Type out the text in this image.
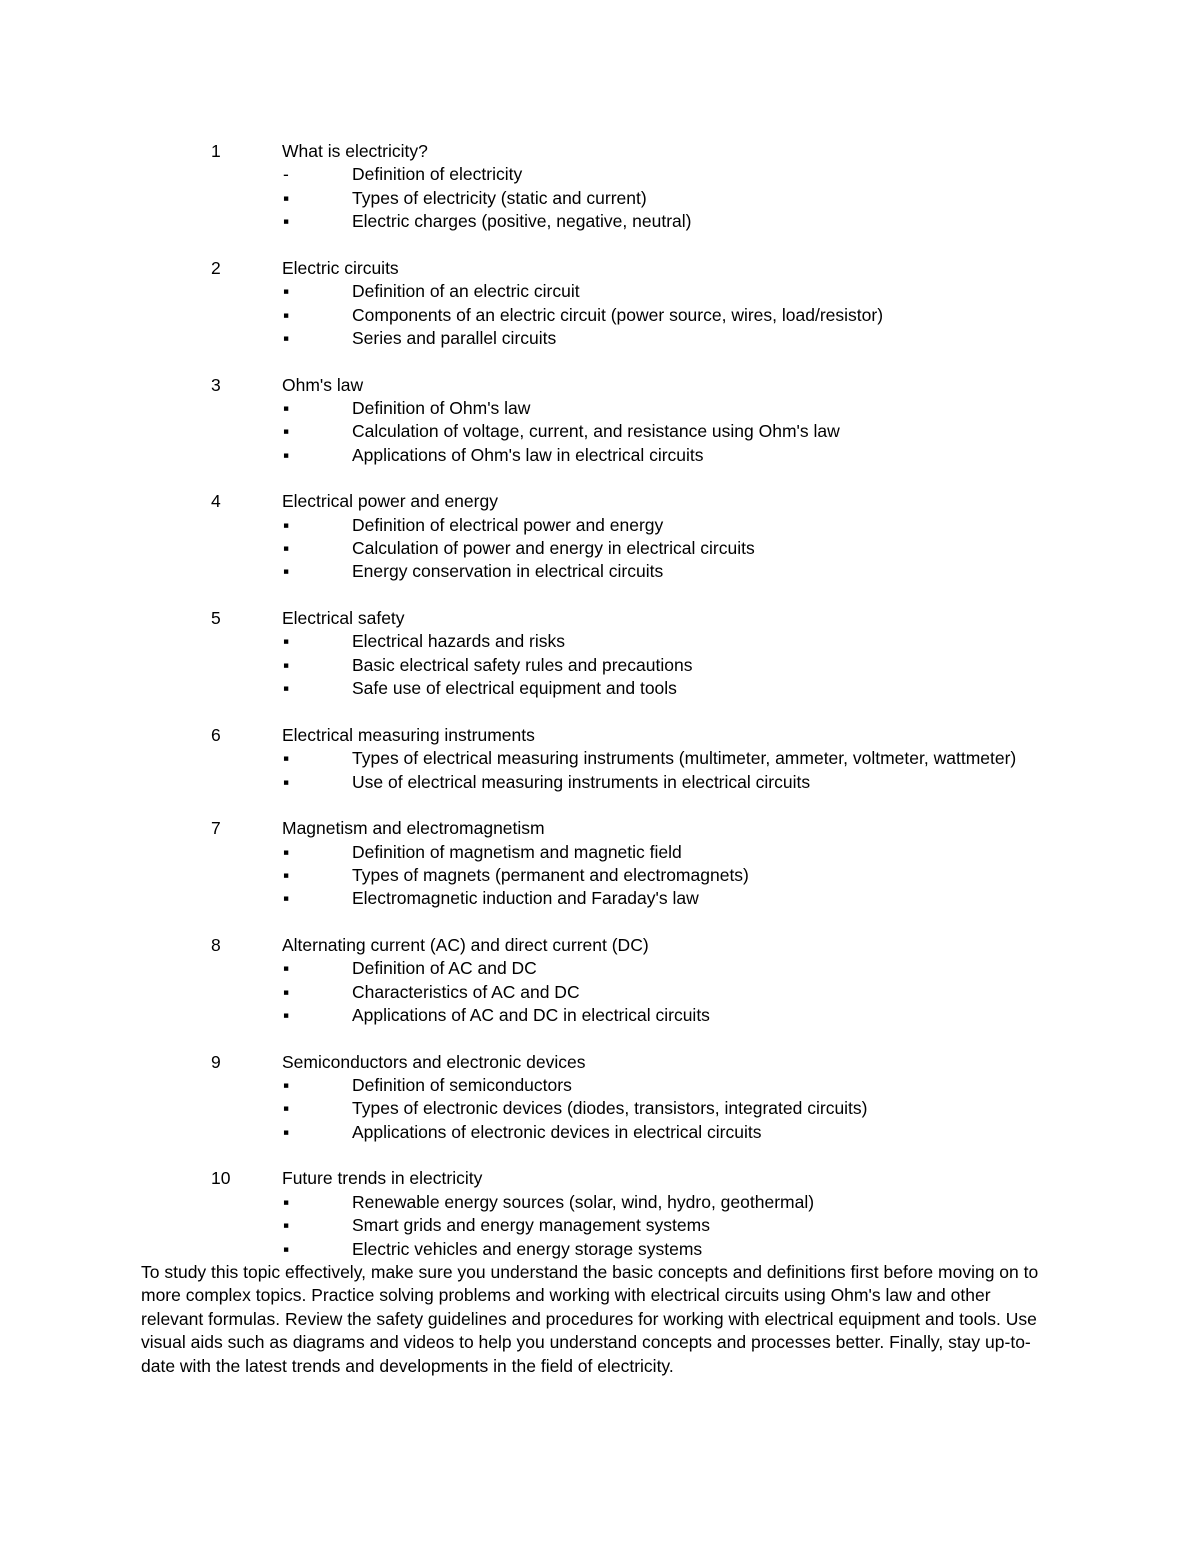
1	What is electricity?
-	Definition of electricity
▪	Types of electricity (static and current)
▪	Electric charges (positive, negative, neutral)
2	Electric circuits
▪	Definition of an electric circuit
▪	Components of an electric circuit (power source, wires, load/resistor)
▪	Series and parallel circuits
3	Ohm's law
▪	Definition of Ohm's law
▪	Calculation of voltage, current, and resistance using Ohm's law
▪	Applications of Ohm's law in electrical circuits
4	Electrical power and energy
▪	Definition of electrical power and energy
▪	Calculation of power and energy in electrical circuits
▪	Energy conservation in electrical circuits
5	Electrical safety
▪	Electrical hazards and risks
▪	Basic electrical safety rules and precautions
▪	Safe use of electrical equipment and tools
6	Electrical measuring instruments
▪	Types of electrical measuring instruments (multimeter, ammeter, voltmeter, wattmeter)
▪	Use of electrical measuring instruments in electrical circuits
7	Magnetism and electromagnetism
▪	Definition of magnetism and magnetic field
▪	Types of magnets (permanent and electromagnets)
▪	Electromagnetic induction and Faraday's law
8	Alternating current (AC) and direct current (DC)
▪	Definition of AC and DC
▪	Characteristics of AC and DC
▪	Applications of AC and DC in electrical circuits
9	Semiconductors and electronic devices
▪	Definition of semiconductors
▪	Types of electronic devices (diodes, transistors, integrated circuits)
▪	Applications of electronic devices in electrical circuits
10	Future trends in electricity
▪	Renewable energy sources (solar, wind, hydro, geothermal)
▪	Smart grids and energy management systems
▪	Electric vehicles and energy storage systems

To study this topic effectively, make sure you understand the basic concepts and definitions first before moving on to more complex topics. Practice solving problems and working with electrical circuits using Ohm's law and other relevant formulas. Review the safety guidelines and procedures for working with electrical equipment and tools. Use visual aids such as diagrams and videos to help you understand concepts and processes better. Finally, stay up-to-date with the latest trends and developments in the field of electricity.
